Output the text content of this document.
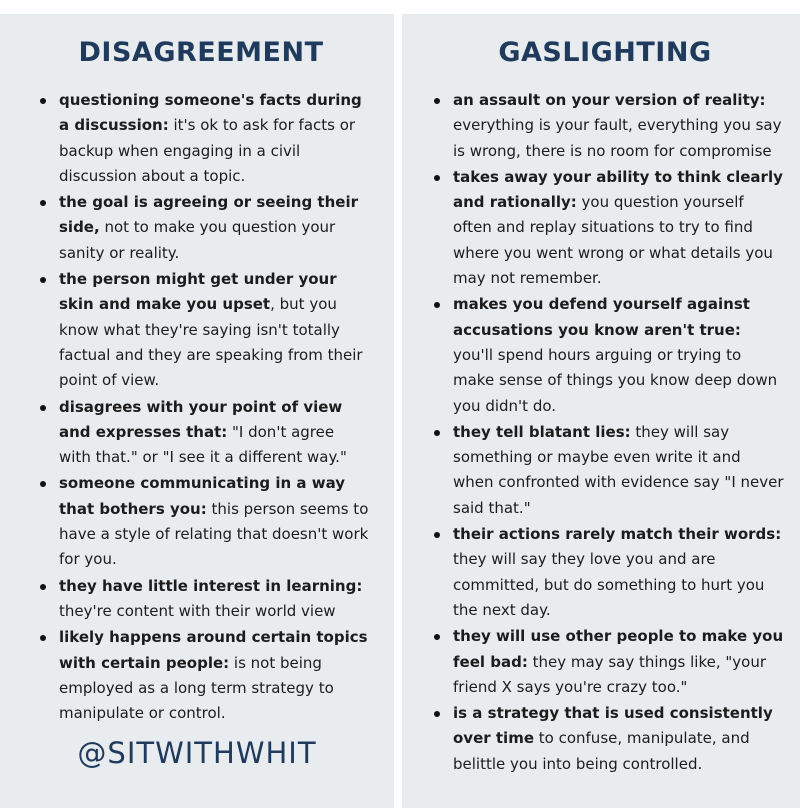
DISAGREEMENT
questioning someone's facts during a discussion: it's ok to ask for facts or backup when engaging in a civil discussion about a topic.
the goal is agreeing or seeing their side, not to make you question your sanity or reality.
the person might get under your skin and make you upset, but you know what they're saying isn't totally factual and they are speaking from their point of view.
disagrees with your point of view and expresses that: "I don't agree with that." or "I see it a different way."
someone communicating in a way that bothers you: this person seems to have a style of relating that doesn't work for you.
they have little interest in learning: they're content with their world view
likely happens around certain topics with certain people: is not being employed as a long term strategy to manipulate or control.
@SITWITHWHIT
GASLIGHTING
an assault on your version of reality: everything is your fault, everything you say is wrong, there is no room for compromise
takes away your ability to think clearly and rationally: you question yourself often and replay situations to try to find where you went wrong or what details you may not remember.
makes you defend yourself against accusations you know aren't true: you'll spend hours arguing or trying to make sense of things you know deep down you didn't do.
they tell blatant lies: they will say something or maybe even write it and when confronted with evidence say "I never said that."
their actions rarely match their words: they will say they love you and are committed, but do something to hurt you the next day.
they will use other people to make you feel bad: they may say things like, "your friend X says you're crazy too."
is a strategy that is used consistently over time to confuse, manipulate, and belittle you into being controlled.
